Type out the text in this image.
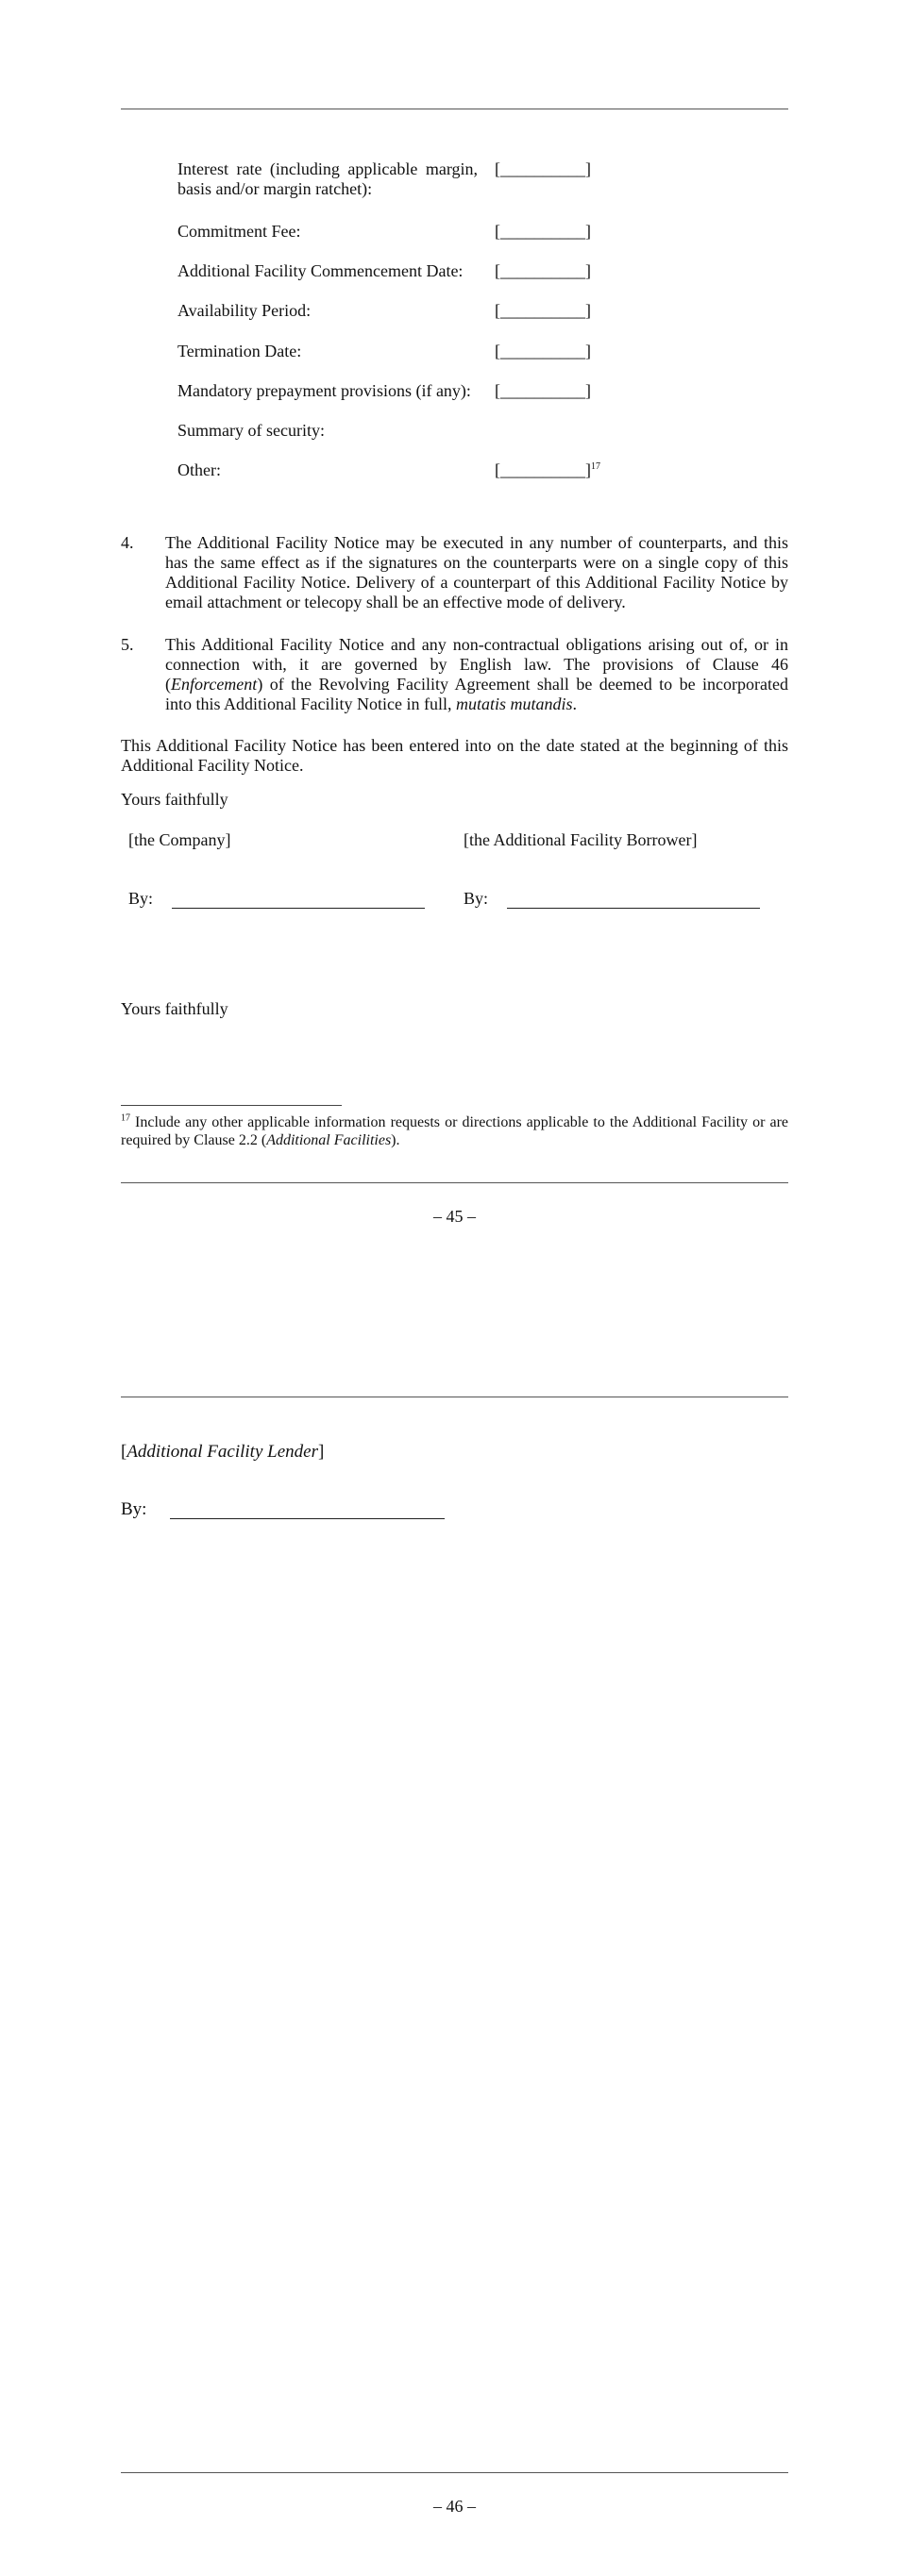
Interest rate (including applicable margin, basis and/or margin ratchet):
[__________]
Commitment Fee:	[__________]
Additional Facility Commencement Date:	[__________]
Availability Period:	[__________]
Termination Date:	[__________]
Mandatory prepayment provisions (if any):	[__________]
Summary of security:
Other:	[__________]$^{17}$
4. The Additional Facility Notice may be executed in any number of counterparts, and this has the same effect as if the signatures on the counterparts were on a single copy of this Additional Facility Notice. Delivery of a counterpart of this Additional Facility Notice by email attachment or telecopy shall be an effective mode of delivery.
5. This Additional Facility Notice and any non-contractual obligations arising out of, or in connection with, it are governed by English law. The provisions of Clause 46 (Enforcement) of the Revolving Facility Agreement shall be deemed to be incorporated into this Additional Facility Notice in full, mutatis mutandis.
This Additional Facility Notice has been entered into on the date stated at the beginning of this Additional Facility Notice.
Yours faithfully
[the Company]	[the Additional Facility Borrower]
By:	By:
Yours faithfully
$^{17}$ Include any other applicable information requests or directions applicable to the Additional Facility or are required by Clause 2.2 (Additional Facilities).
– 45 –
[Additional Facility Lender]
By:
– 46 –
